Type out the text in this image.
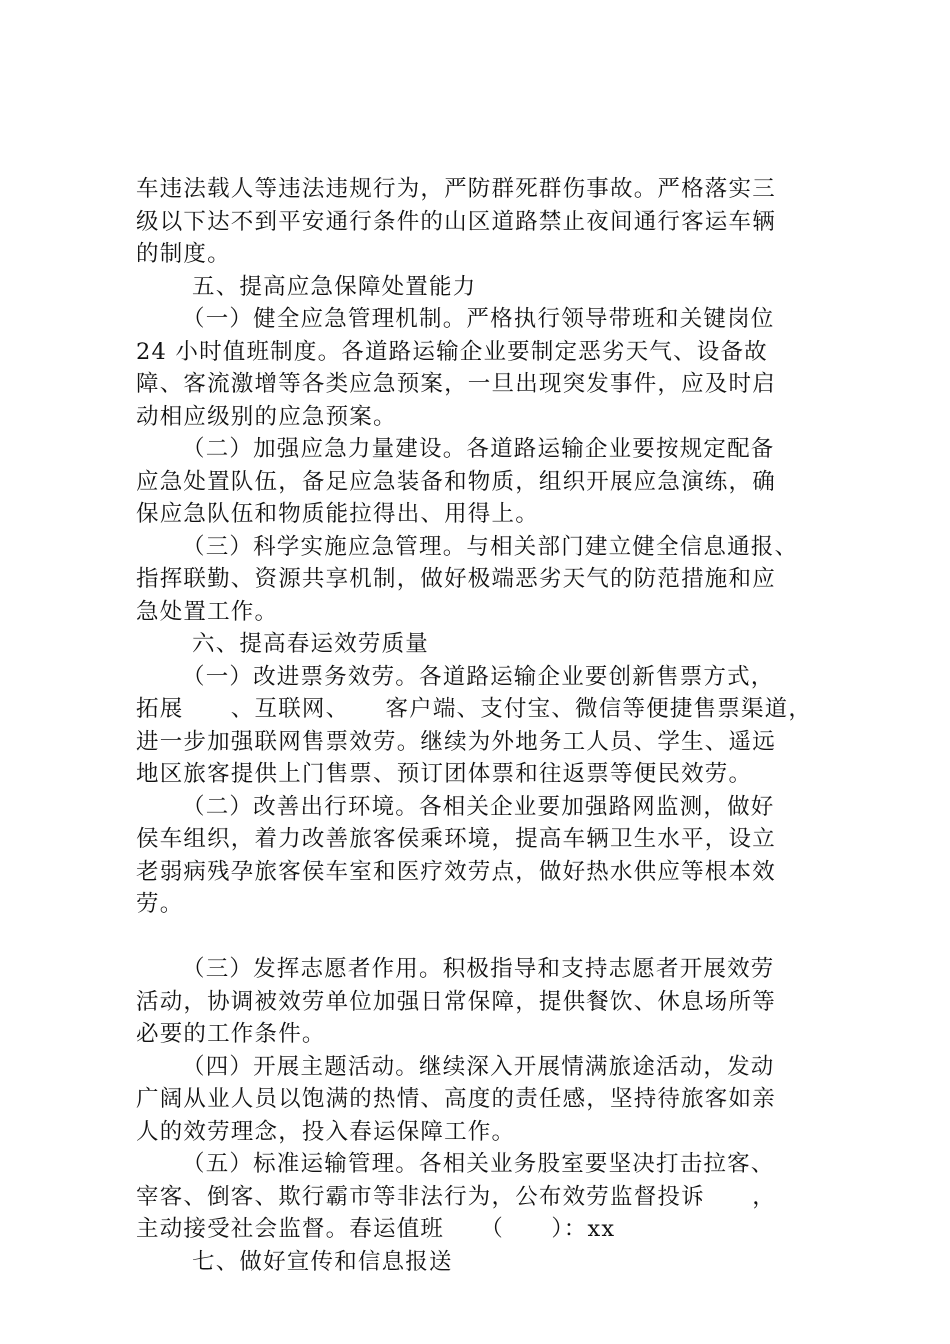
车违法载人等违法违规行为，严防群死群伤事故。严格落实三
级以下达不到平安通行条件的山区道路禁止夜间通行客运车辆
的制度。
五、提高应急保障处置能力
（一）健全应急管理机制。严格执行领导带班和关键岗位
24 小时值班制度。各道路运输企业要制定恶劣天气、设备故
障、客流激增等各类应急预案，一旦出现突发事件，应及时启
动相应级别的应急预案。
（二）加强应急力量建设。各道路运输企业要按规定配备
应急处置队伍，备足应急装备和物质，组织开展应急演练，确
保应急队伍和物质能拉得出、用得上。
（三）科学实施应急管理。与相关部门建立健全信息通报、
指挥联勤、资源共享机制，做好极端恶劣天气的防范措施和应
急处置工作。
六、提高春运效劳质量
（一）改进票务效劳。各道路运输企业要创新售票方式，
拓展　　、互联网、　　客户端、支付宝、微信等便捷售票渠道，
进一步加强联网售票效劳。继续为外地务工人员、学生、遥远
地区旅客提供上门售票、预订团体票和往返票等便民效劳。
（二）改善出行环境。各相关企业要加强路网监测，做好
侯车组织，着力改善旅客侯乘环境，提高车辆卫生水平，设立
老弱病残孕旅客侯车室和医疗效劳点，做好热水供应等根本效
劳。
（三）发挥志愿者作用。积极指导和支持志愿者开展效劳
活动，协调被效劳单位加强日常保障，提供餐饮、休息场所等
必要的工作条件。
（四）开展主题活动。继续深入开展情满旅途活动，发动
广阔从业人员以饱满的热情、高度的责任感，坚持待旅客如亲
人的效劳理念，投入春运保障工作。
（五）标准运输管理。各相关业务股室要坚决打击拉客、
宰客、倒客、欺行霸市等非法行为，公布效劳监督投诉　　，
主动接受社会监督。春运值班　　（　　）：xx
七、做好宣传和信息报送
